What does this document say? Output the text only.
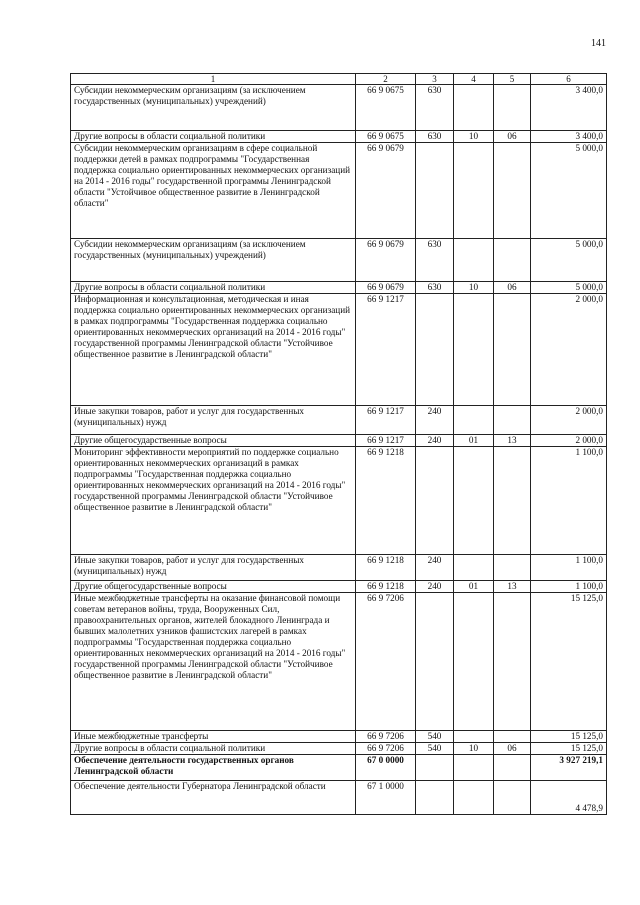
141
1	2	3	4	5	6
Субсидии некоммерческим организациям (за исключением государственных (муниципальных) учреждений)	66 9 0675	630			3 400,0
Другие вопросы в области социальной политики	66 9 0675	630	10	06	3 400,0
Субсидии некоммерческим организациям в сфере социальной поддержки детей в рамках подпрограммы "Государственная поддержка социально ориентированных некоммерческих организаций на 2014 - 2016 годы" государственной программы Ленинградской области "Устойчивое общественное развитие в Ленинградской области"	66 9 0679				5 000,0
Субсидии некоммерческим организациям (за исключением государственных (муниципальных) учреждений)	66 9 0679	630			5 000,0
Другие вопросы в области социальной политики	66 9 0679	630	10	06	5 000,0
Информационная и консультационная, методическая и иная поддержка социально ориентированных некоммерческих организаций в рамках подпрограммы "Государственная поддержка социально ориентированных некоммерческих организаций на 2014 - 2016 годы" государственной программы Ленинградской области "Устойчивое общественное развитие в Ленинградской области"	66 9 1217				2 000,0
Иные закупки товаров, работ и услуг для государственных (муниципальных) нужд	66 9 1217	240			2 000,0
Другие общегосударственные вопросы	66 9 1217	240	01	13	2 000,0
Мониторинг эффективности мероприятий по поддержке социально ориентированных некоммерческих организаций в рамках подпрограммы "Государственная поддержка социально ориентированных некоммерческих организаций на 2014 - 2016 годы" государственной программы Ленинградской области "Устойчивое общественное развитие в Ленинградской области"	66 9 1218				1 100,0
Иные закупки товаров, работ и услуг для государственных (муниципальных) нужд	66 9 1218	240			1 100,0
Другие общегосударственные вопросы	66 9 1218	240	01	13	1 100,0
Иные межбюджетные трансферты на оказание финансовой помощи советам ветеранов войны, труда, Вооруженных Сил, правоохранительных органов, жителей блокадного Ленинграда и бывших малолетних узников фашистских лагерей в рамках подпрограммы "Государственная поддержка социально ориентированных некоммерческих организаций на 2014 - 2016 годы" государственной программы Ленинградской области "Устойчивое общественное развитие в Ленинградской области"	66 9 7206				15 125,0
Иные межбюджетные трансферты	66 9 7206	540			15 125,0
Другие вопросы в области социальной политики	66 9 7206	540	10	06	15 125,0
Обеспечение деятельности государственных органов Ленинградской области	67 0 0000				3 927 219,1
Обеспечение деятельности Губернатора Ленинградской области	67 1 0000				4 478,9
